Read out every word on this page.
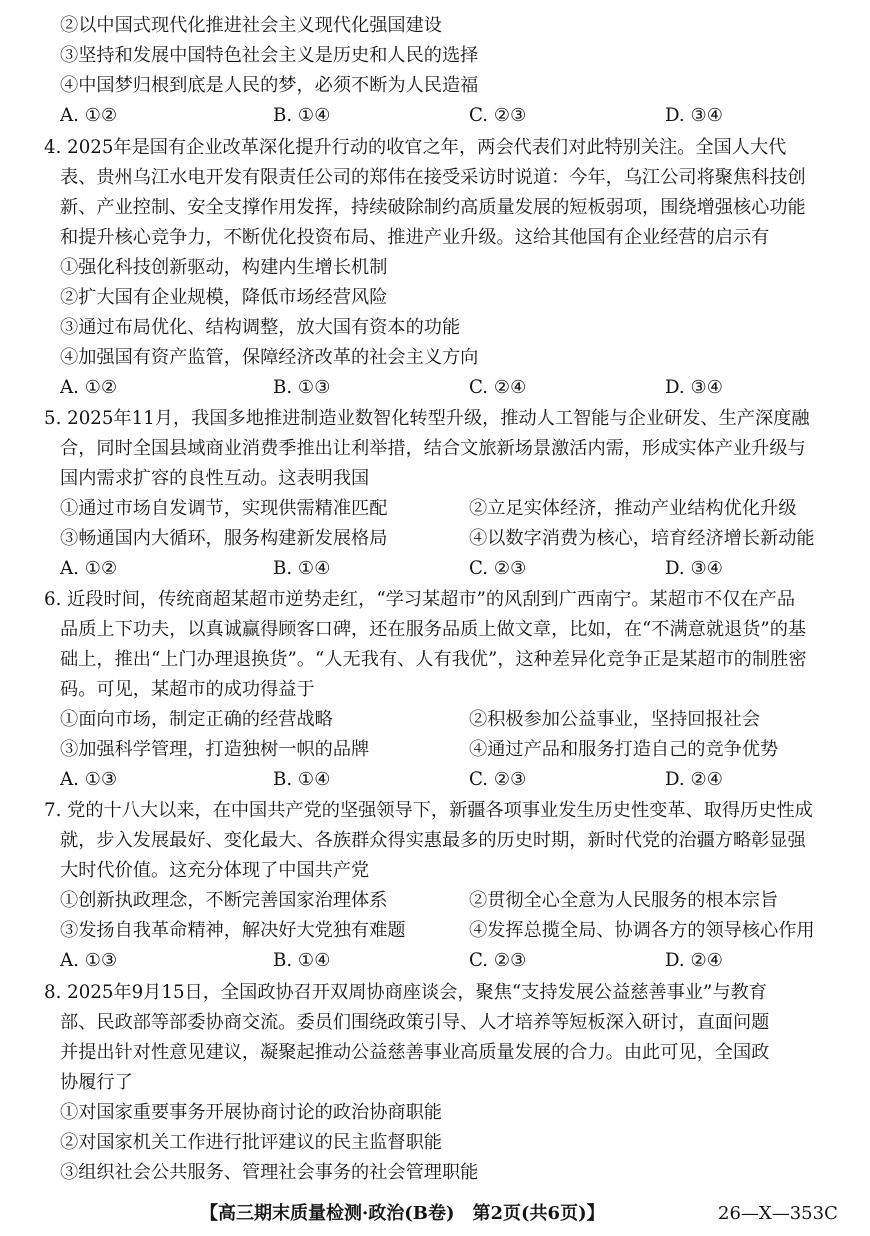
②以中国式现代化推进社会主义现代化强国建设
③坚持和发展中国特色社会主义是历史和人民的选择
④中国梦归根到底是人民的梦，必须不断为人民造福
A. ①②	B. ①④	C. ②③	D. ③④
4. 2025年是国有企业改革深化提升行动的收官之年，两会代表们对此特别关注。全国人大代
表、贵州乌江水电开发有限责任公司的郑伟在接受采访时说道：今年，乌江公司将聚焦科技创
新、产业控制、安全支撑作用发挥，持续破除制约高质量发展的短板弱项，围绕增强核心功能
和提升核心竞争力，不断优化投资布局、推进产业升级。这给其他国有企业经营的启示有
①强化科技创新驱动，构建内生增长机制
②扩大国有企业规模，降低市场经营风险
③通过布局优化、结构调整，放大国有资本的功能
④加强国有资产监管，保障经济改革的社会主义方向
A. ①②	B. ①③	C. ②④	D. ③④
5. 2025年11月，我国多地推进制造业数智化转型升级，推动人工智能与企业研发、生产深度融
合，同时全国县域商业消费季推出让利举措，结合文旅新场景激活内需，形成实体产业升级与
国内需求扩容的良性互动。这表明我国
①通过市场自发调节，实现供需精准匹配	②立足实体经济，推动产业结构优化升级
③畅通国内大循环，服务构建新发展格局	④以数字消费为核心，培育经济增长新动能
A. ①②	B. ①④	C. ②③	D. ③④
6. 近段时间，传统商超某超市逆势走红，“学习某超市”的风刮到广西南宁。某超市不仅在产品
品质上下功夫，以真诚赢得顾客口碑，还在服务品质上做文章，比如，在“不满意就退货”的基
础上，推出“上门办理退换货”。“人无我有、人有我优”，这种差异化竞争正是某超市的制胜密
码。可见，某超市的成功得益于
①面向市场，制定正确的经营战略	②积极参加公益事业，坚持回报社会
③加强科学管理，打造独树一帜的品牌	④通过产品和服务打造自己的竞争优势
A. ①③	B. ①④	C. ②③	D. ②④
7. 党的十八大以来，在中国共产党的坚强领导下，新疆各项事业发生历史性变革、取得历史性成
就，步入发展最好、变化最大、各族群众得实惠最多的历史时期，新时代党的治疆方略彰显强
大时代价值。这充分体现了中国共产党
①创新执政理念，不断完善国家治理体系	②贯彻全心全意为人民服务的根本宗旨
③发扬自我革命精神，解决好大党独有难题	④发挥总揽全局、协调各方的领导核心作用
A. ①③	B. ①④	C. ②③	D. ②④
8. 2025年9月15日，全国政协召开双周协商座谈会，聚焦“支持发展公益慈善事业”与教育
部、民政部等部委协商交流。委员们围绕政策引导、人才培养等短板深入研讨，直面问题
并提出针对性意见建议，凝聚起推动公益慈善事业高质量发展的合力。由此可见，全国政
协履行了
①对国家重要事务开展协商讨论的政治协商职能
②对国家机关工作进行批评建议的民主监督职能
③组织社会公共服务、管理社会事务的社会管理职能
【高三期末质量检测·政治(B卷)　第2页(共6页)】	26—X—353C
